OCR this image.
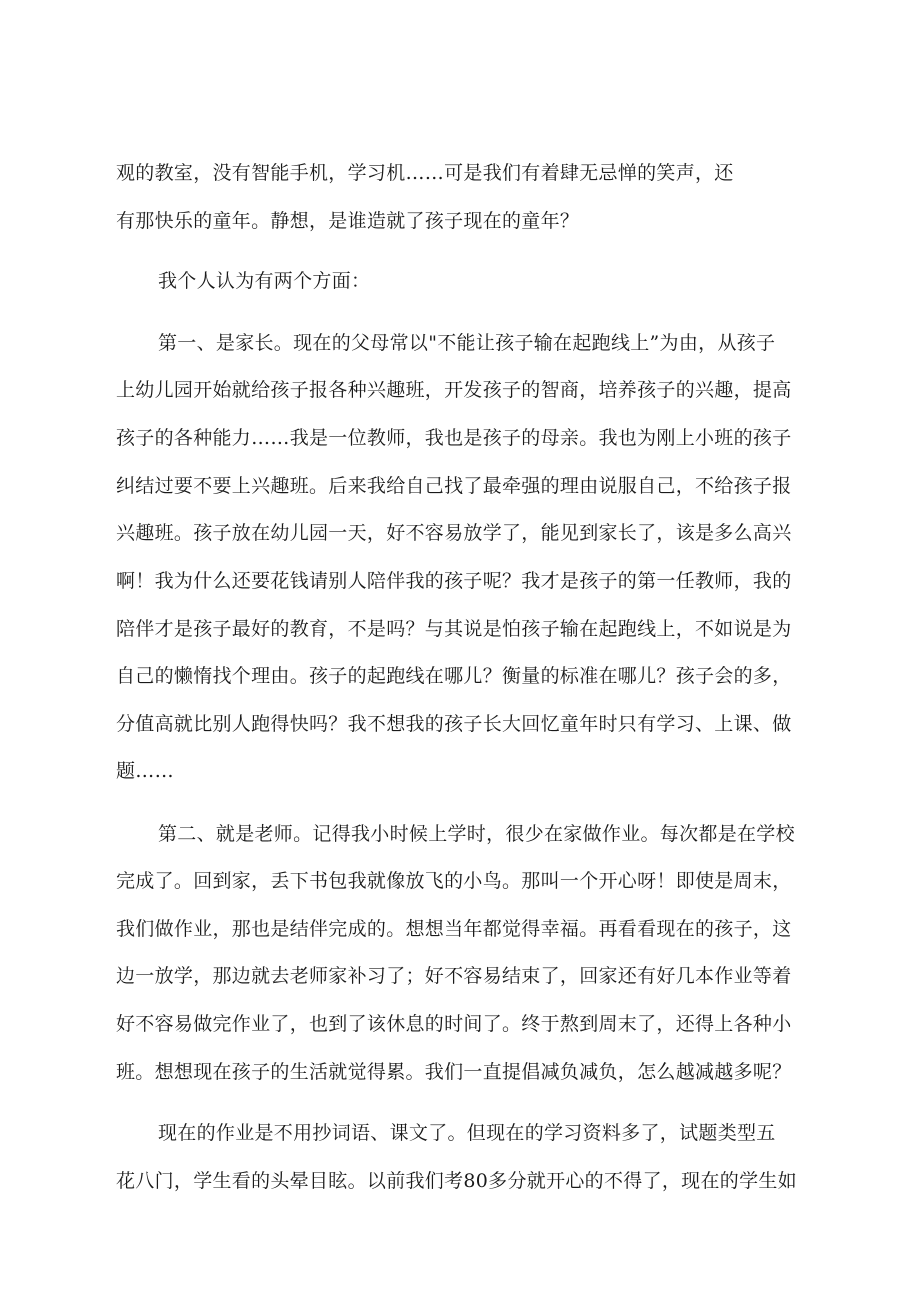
观的教室，没有智能手机，学习机……可是我们有着肆无忌惮的笑声，还

有那快乐的童年。静想，是谁造就了孩子现在的童年？

我个人认为有两个方面：

第一、是家长。现在的父母常以"不能让孩子输在起跑线上”为由，从孩子

上幼儿园开始就给孩子报各种兴趣班，开发孩子的智商，培养孩子的兴趣，提高

孩子的各种能力……我是一位教师，我也是孩子的母亲。我也为刚上小班的孩子

纠结过要不要上兴趣班。后来我给自己找了最牵强的理由说服自己，不给孩子报

兴趣班。孩子放在幼儿园一天，好不容易放学了，能见到家长了，该是多么高兴

啊！我为什么还要花钱请别人陪伴我的孩子呢？我才是孩子的第一任教师，我的

陪伴才是孩子最好的教育，不是吗？与其说是怕孩子输在起跑线上，不如说是为

自己的懒惰找个理由。孩子的起跑线在哪儿？衡量的标准在哪儿？孩子会的多，

分值高就比别人跑得快吗？我不想我的孩子长大回忆童年时只有学习、上课、做

题……

第二、就是老师。记得我小时候上学时，很少在家做作业。每次都是在学校

完成了。回到家，丢下书包我就像放飞的小鸟。那叫一个开心呀！即使是周末，

我们做作业，那也是结伴完成的。想想当年都觉得幸福。再看看现在的孩子，这

边一放学，那边就去老师家补习了；好不容易结束了，回家还有好几本作业等着

好不容易做完作业了，也到了该休息的时间了。终于熬到周末了，还得上各种小

班。想想现在孩子的生活就觉得累。我们一直提倡减负减负，怎么越减越多呢？

现在的作业是不用抄词语、课文了。但现在的学习资料多了，试题类型五

花八门，学生看的头晕目眩。以前我们考80多分就开心的不得了，现在的学生如
